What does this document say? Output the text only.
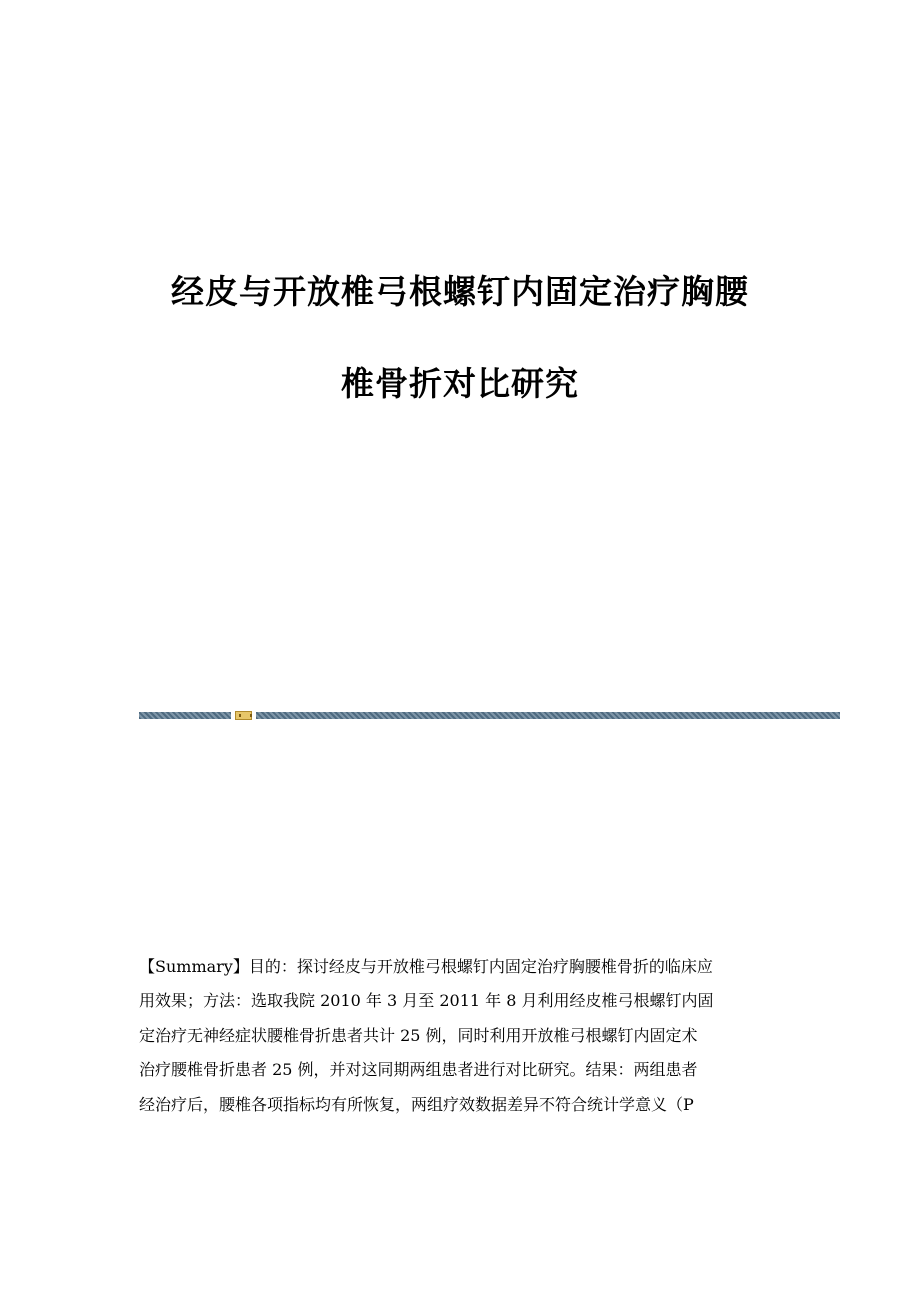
经皮与开放椎弓根螺钉内固定治疗胸腰
椎骨折对比研究
【Summary】目的：探讨经皮与开放椎弓根螺钉内固定治疗胸腰椎骨折的临床应
用效果；方法：选取我院 2010 年 3 月至 2011 年 8 月利用经皮椎弓根螺钉内固
定治疗无神经症状腰椎骨折患者共计 25 例，同时利用开放椎弓根螺钉内固定术
治疗腰椎骨折患者 25 例，并对这同期两组患者进行对比研究。结果：两组患者
经治疗后，腰椎各项指标均有所恢复，两组疗效数据差异不符合统计学意义（P
